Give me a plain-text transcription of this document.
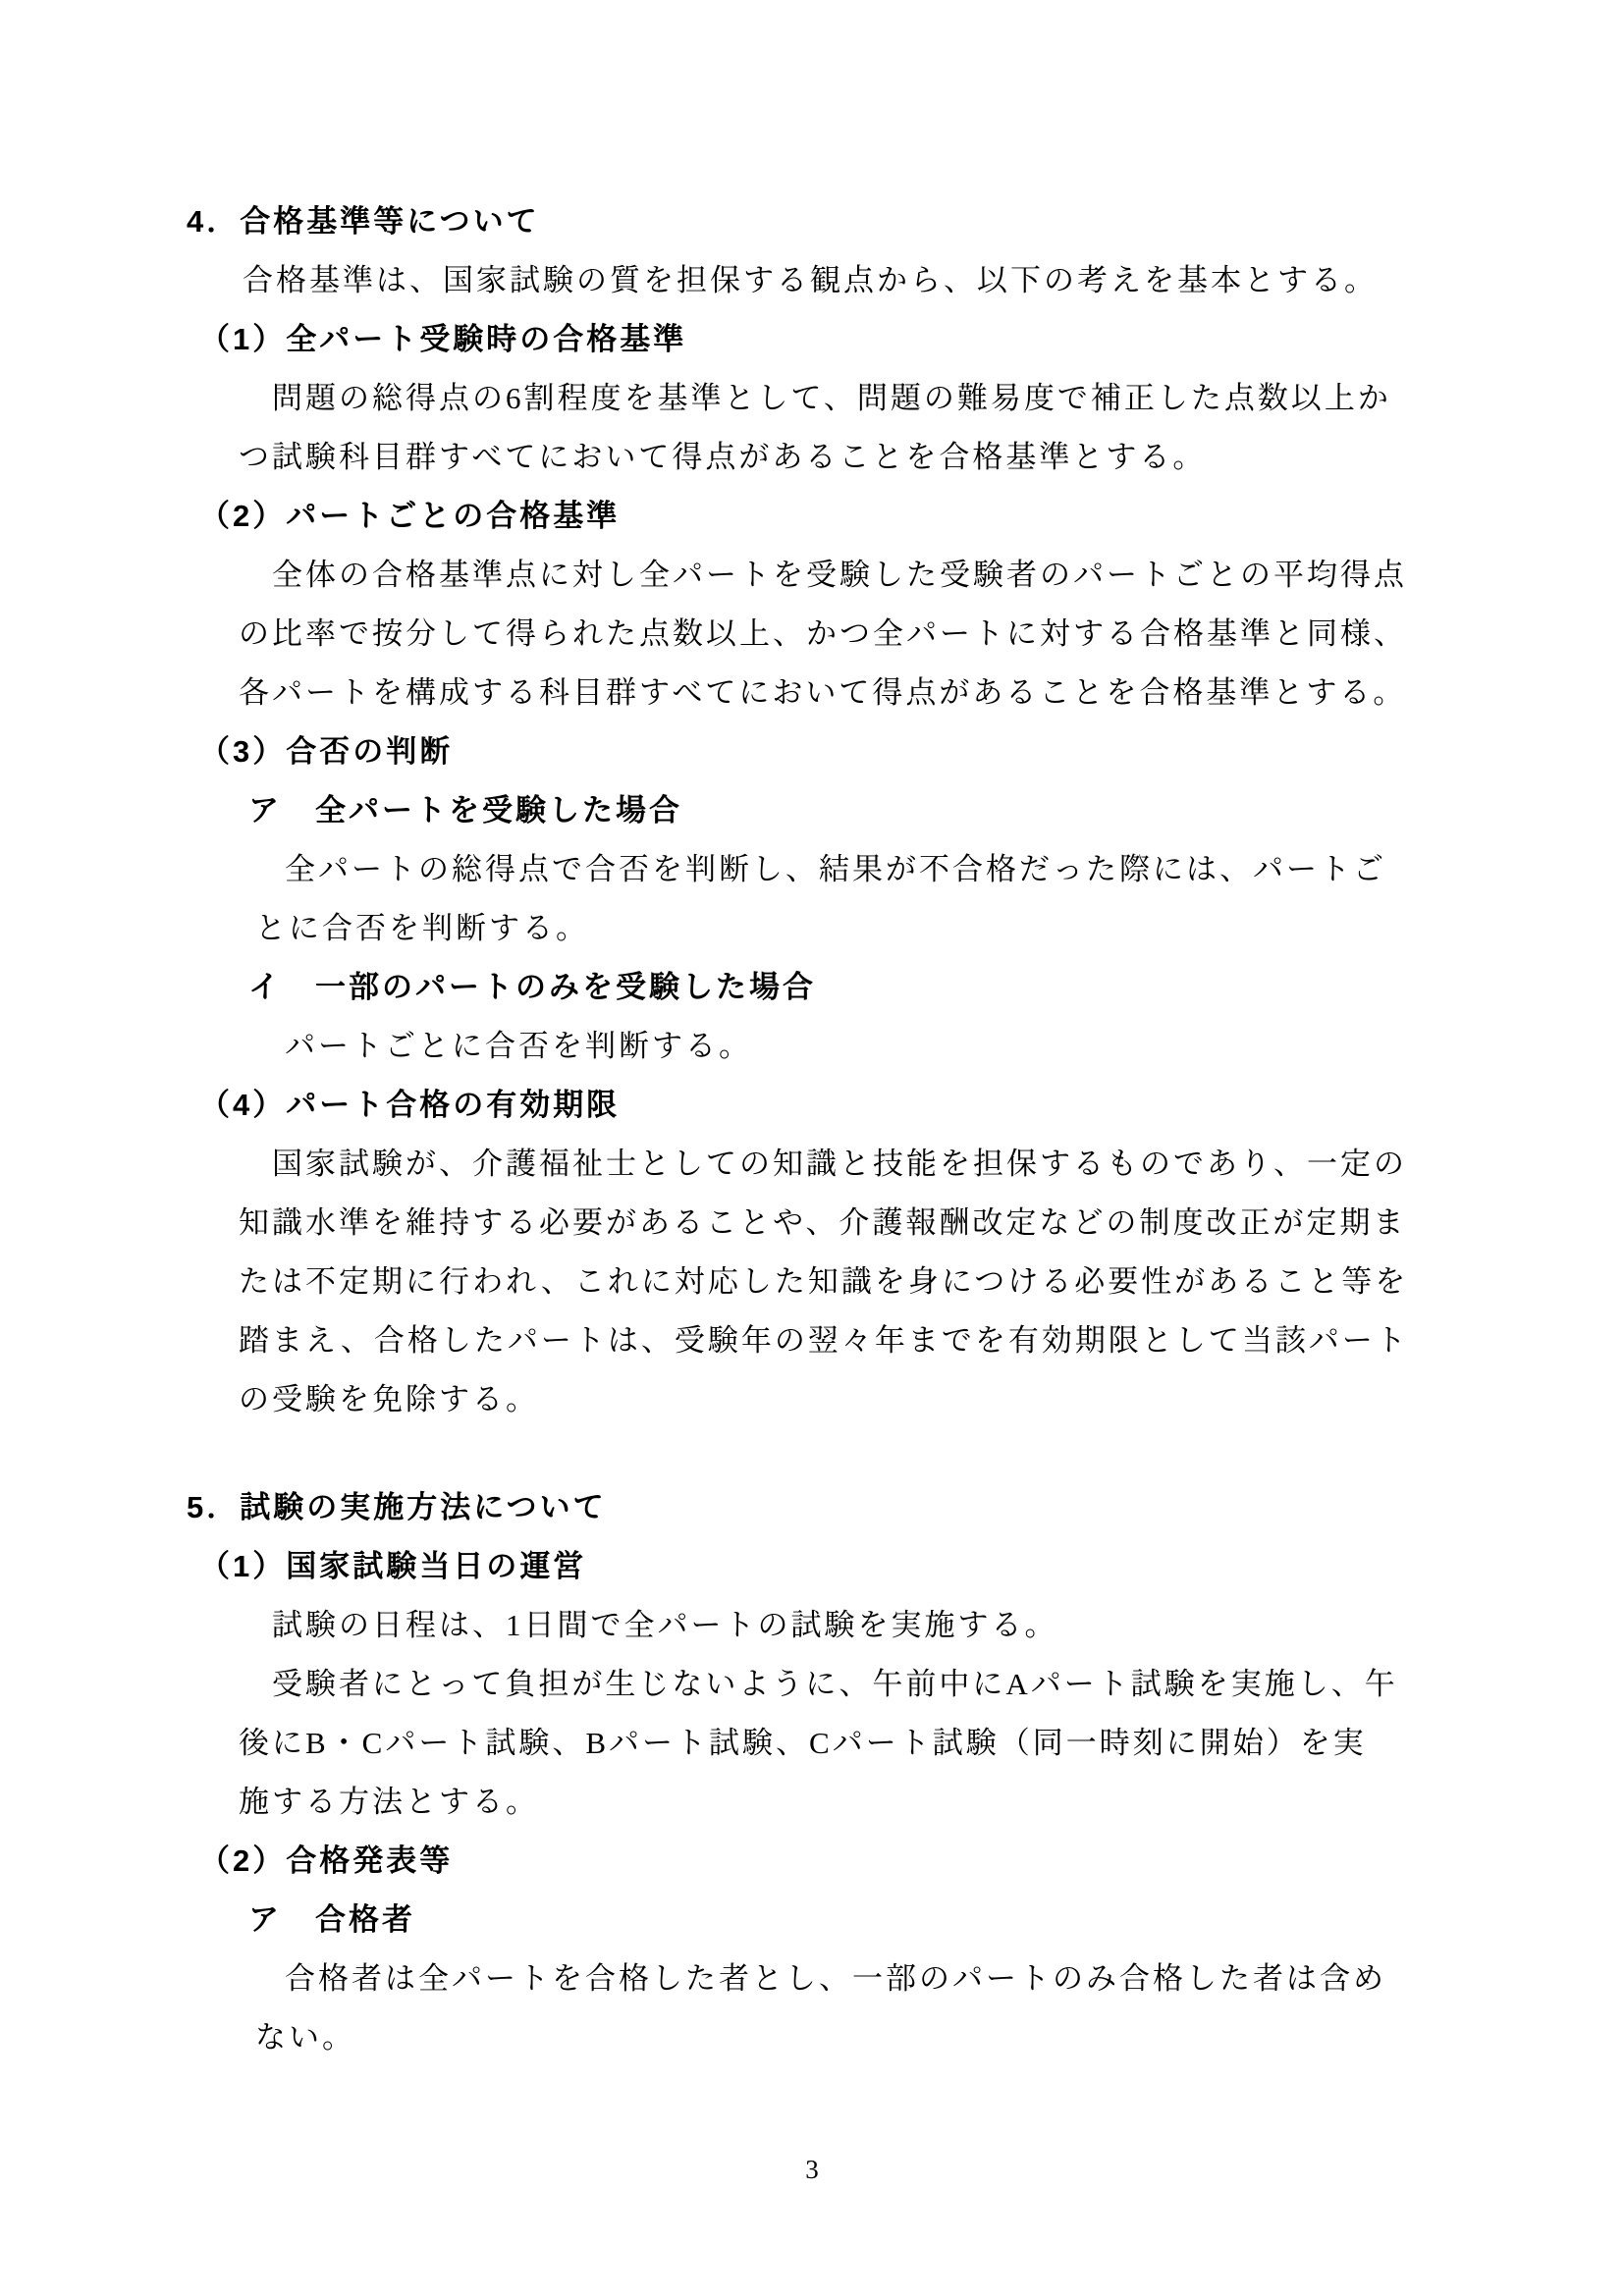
4．合格基準等について
合格基準は、国家試験の質を担保する観点から、以下の考えを基本とする。
（1）全パート受験時の合格基準
問題の総得点の6割程度を基準として、問題の難易度で補正した点数以上か
つ試験科目群すべてにおいて得点があることを合格基準とする。
（2）パートごとの合格基準
全体の合格基準点に対し全パートを受験した受験者のパートごとの平均得点
の比率で按分して得られた点数以上、かつ全パートに対する合格基準と同様、
各パートを構成する科目群すべてにおいて得点があることを合格基準とする。
（3）合否の判断
ア　全パートを受験した場合
全パートの総得点で合否を判断し、結果が不合格だった際には、パートご
とに合否を判断する。
イ　一部のパートのみを受験した場合
パートごとに合否を判断する。
（4）パート合格の有効期限
国家試験が、介護福祉士としての知識と技能を担保するものであり、一定の
知識水準を維持する必要があることや、介護報酬改定などの制度改正が定期ま
たは不定期に行われ、これに対応した知識を身につける必要性があること等を
踏まえ、合格したパートは、受験年の翌々年までを有効期限として当該パート
の受験を免除する。
5．試験の実施方法について
（1）国家試験当日の運営
試験の日程は、1日間で全パートの試験を実施する。
受験者にとって負担が生じないように、午前中にAパート試験を実施し、午
後にB・Cパート試験、Bパート試験、Cパート試験（同一時刻に開始）を実
施する方法とする。
（2）合格発表等
ア　合格者
合格者は全パートを合格した者とし、一部のパートのみ合格した者は含め
ない。
3
